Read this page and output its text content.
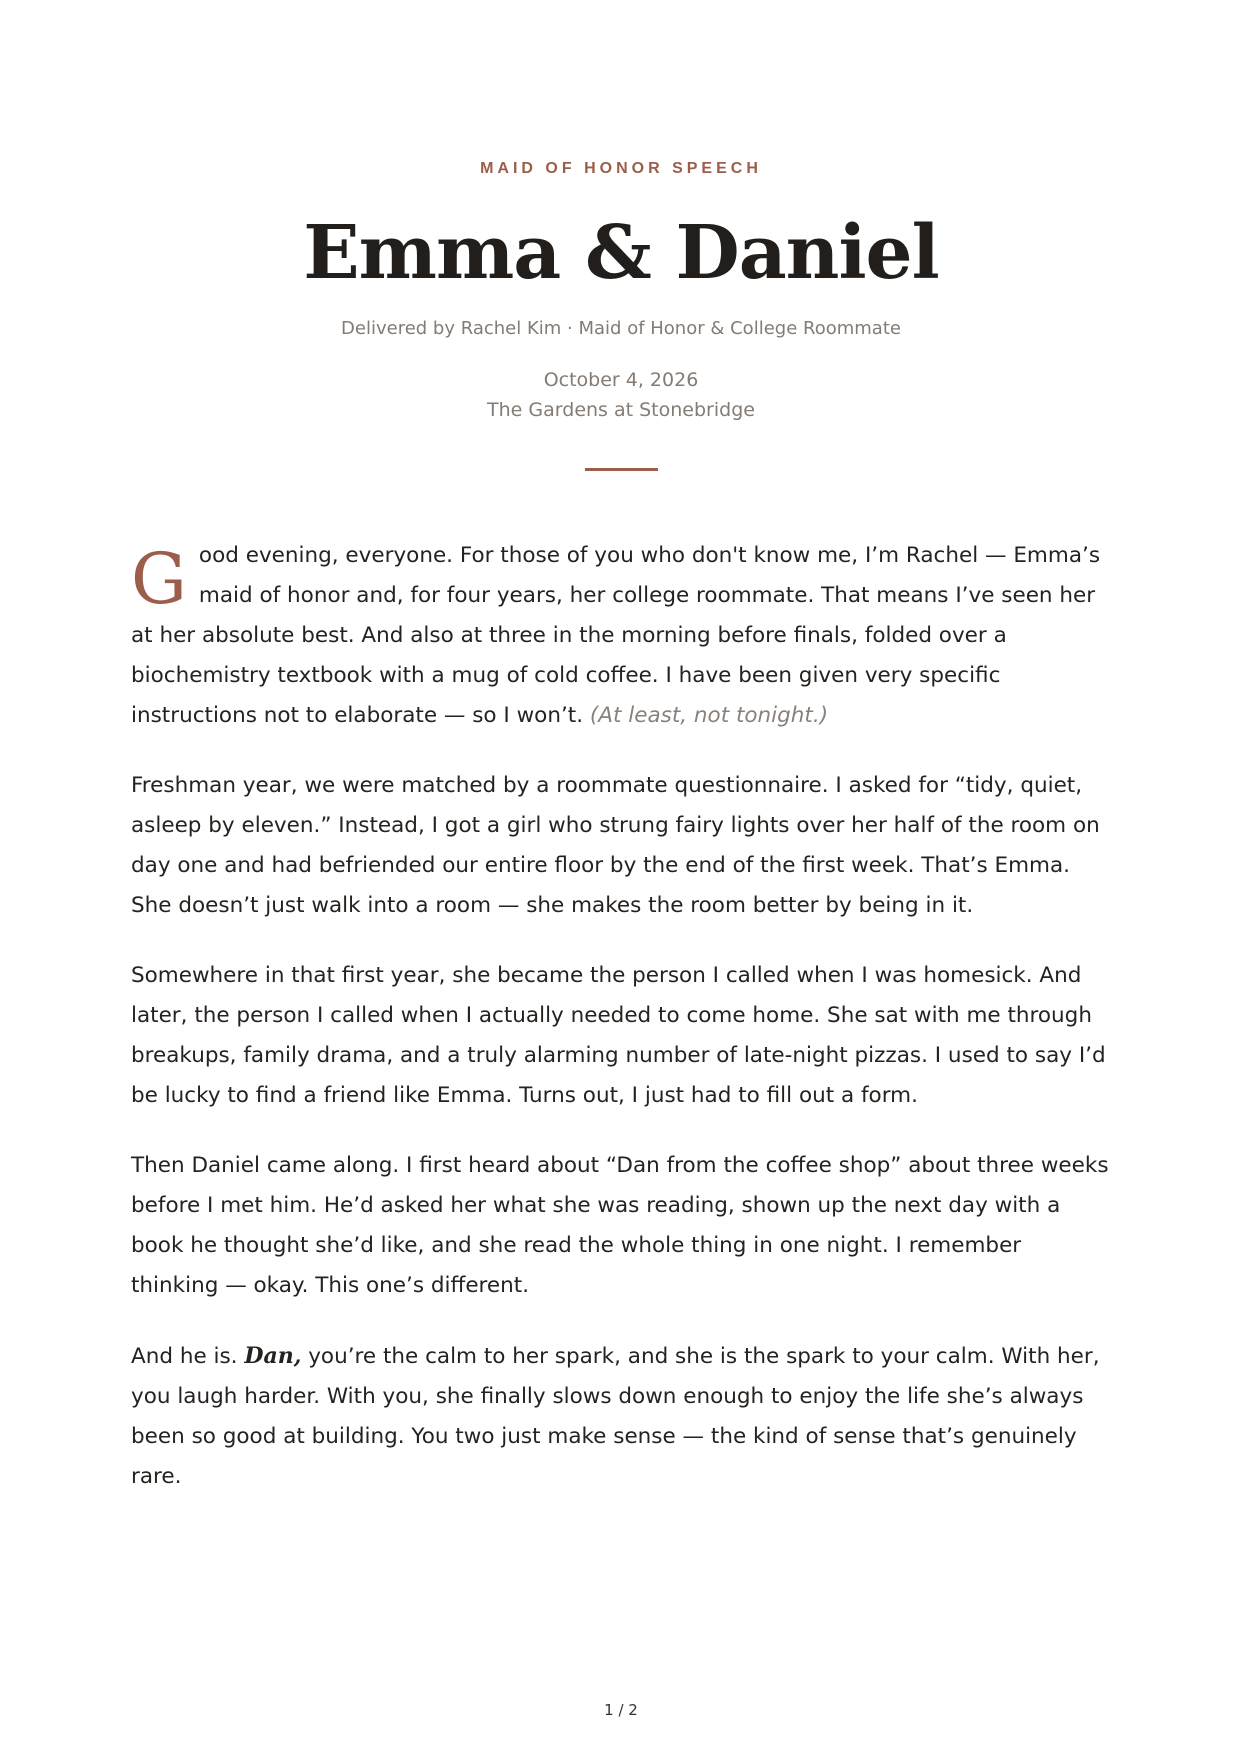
MAID OF HONOR SPEECH
Emma & Daniel
Delivered by Rachel Kim · Maid of Honor & College Roommate
October 4, 2026
The Gardens at Stonebridge

Good evening, everyone. For those of you who don't know me, I’m Rachel — Emma’s maid of honor and, for four years, her college roommate. That means I’ve seen her at her absolute best. And also at three in the morning before finals, folded over a biochemistry textbook with a mug of cold coffee. I have been given very specific instructions not to elaborate — so I won’t. (At least, not tonight.)

Freshman year, we were matched by a roommate questionnaire. I asked for “tidy, quiet, asleep by eleven.” Instead, I got a girl who strung fairy lights over her half of the room on day one and had befriended our entire floor by the end of the first week. That’s Emma. She doesn’t just walk into a room — she makes the room better by being in it.

Somewhere in that first year, she became the person I called when I was homesick. And later, the person I called when I actually needed to come home. She sat with me through breakups, family drama, and a truly alarming number of late-night pizzas. I used to say I’d be lucky to find a friend like Emma. Turns out, I just had to fill out a form.

Then Daniel came along. I first heard about “Dan from the coffee shop” about three weeks before I met him. He’d asked her what she was reading, shown up the next day with a book he thought she’d like, and she read the whole thing in one night. I remember thinking — okay. This one’s different.

And he is. Dan, you’re the calm to her spark, and she is the spark to your calm. With her, you laugh harder. With you, she finally slows down enough to enjoy the life she’s always been so good at building. You two just make sense — the kind of sense that’s genuinely rare.

1 / 2
